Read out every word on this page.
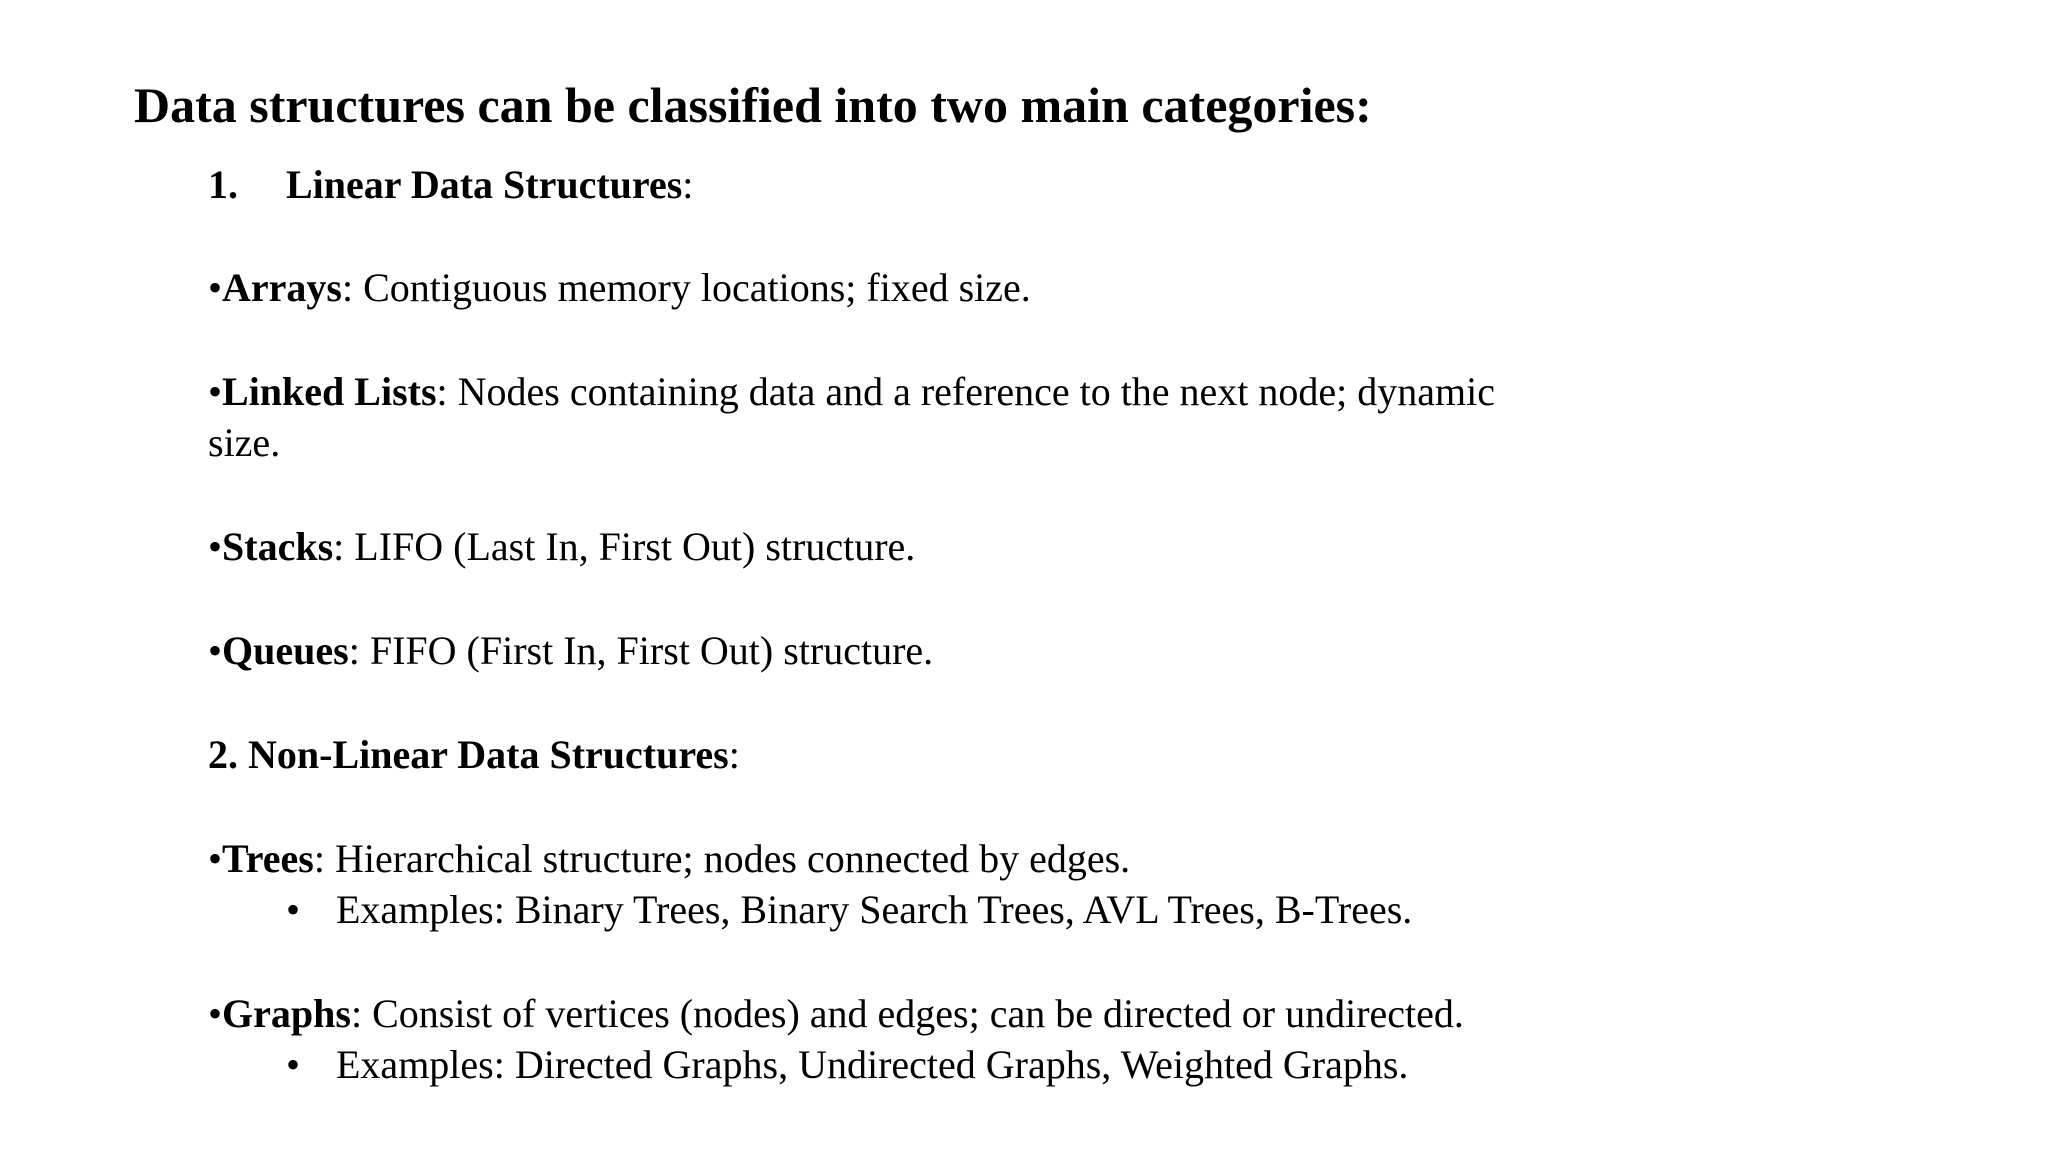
Data structures can be classified into two main categories:
1. Linear Data Structures:
•Arrays: Contiguous memory locations; fixed size.
•Linked Lists: Nodes containing data and a reference to the next node; dynamic
size.
•Stacks: LIFO (Last In, First Out) structure.
•Queues: FIFO (First In, First Out) structure.
2. Non-Linear Data Structures:
•Trees: Hierarchical structure; nodes connected by edges.
• Examples: Binary Trees, Binary Search Trees, AVL Trees, B-Trees.
•Graphs: Consist of vertices (nodes) and edges; can be directed or undirected.
• Examples: Directed Graphs, Undirected Graphs, Weighted Graphs.
